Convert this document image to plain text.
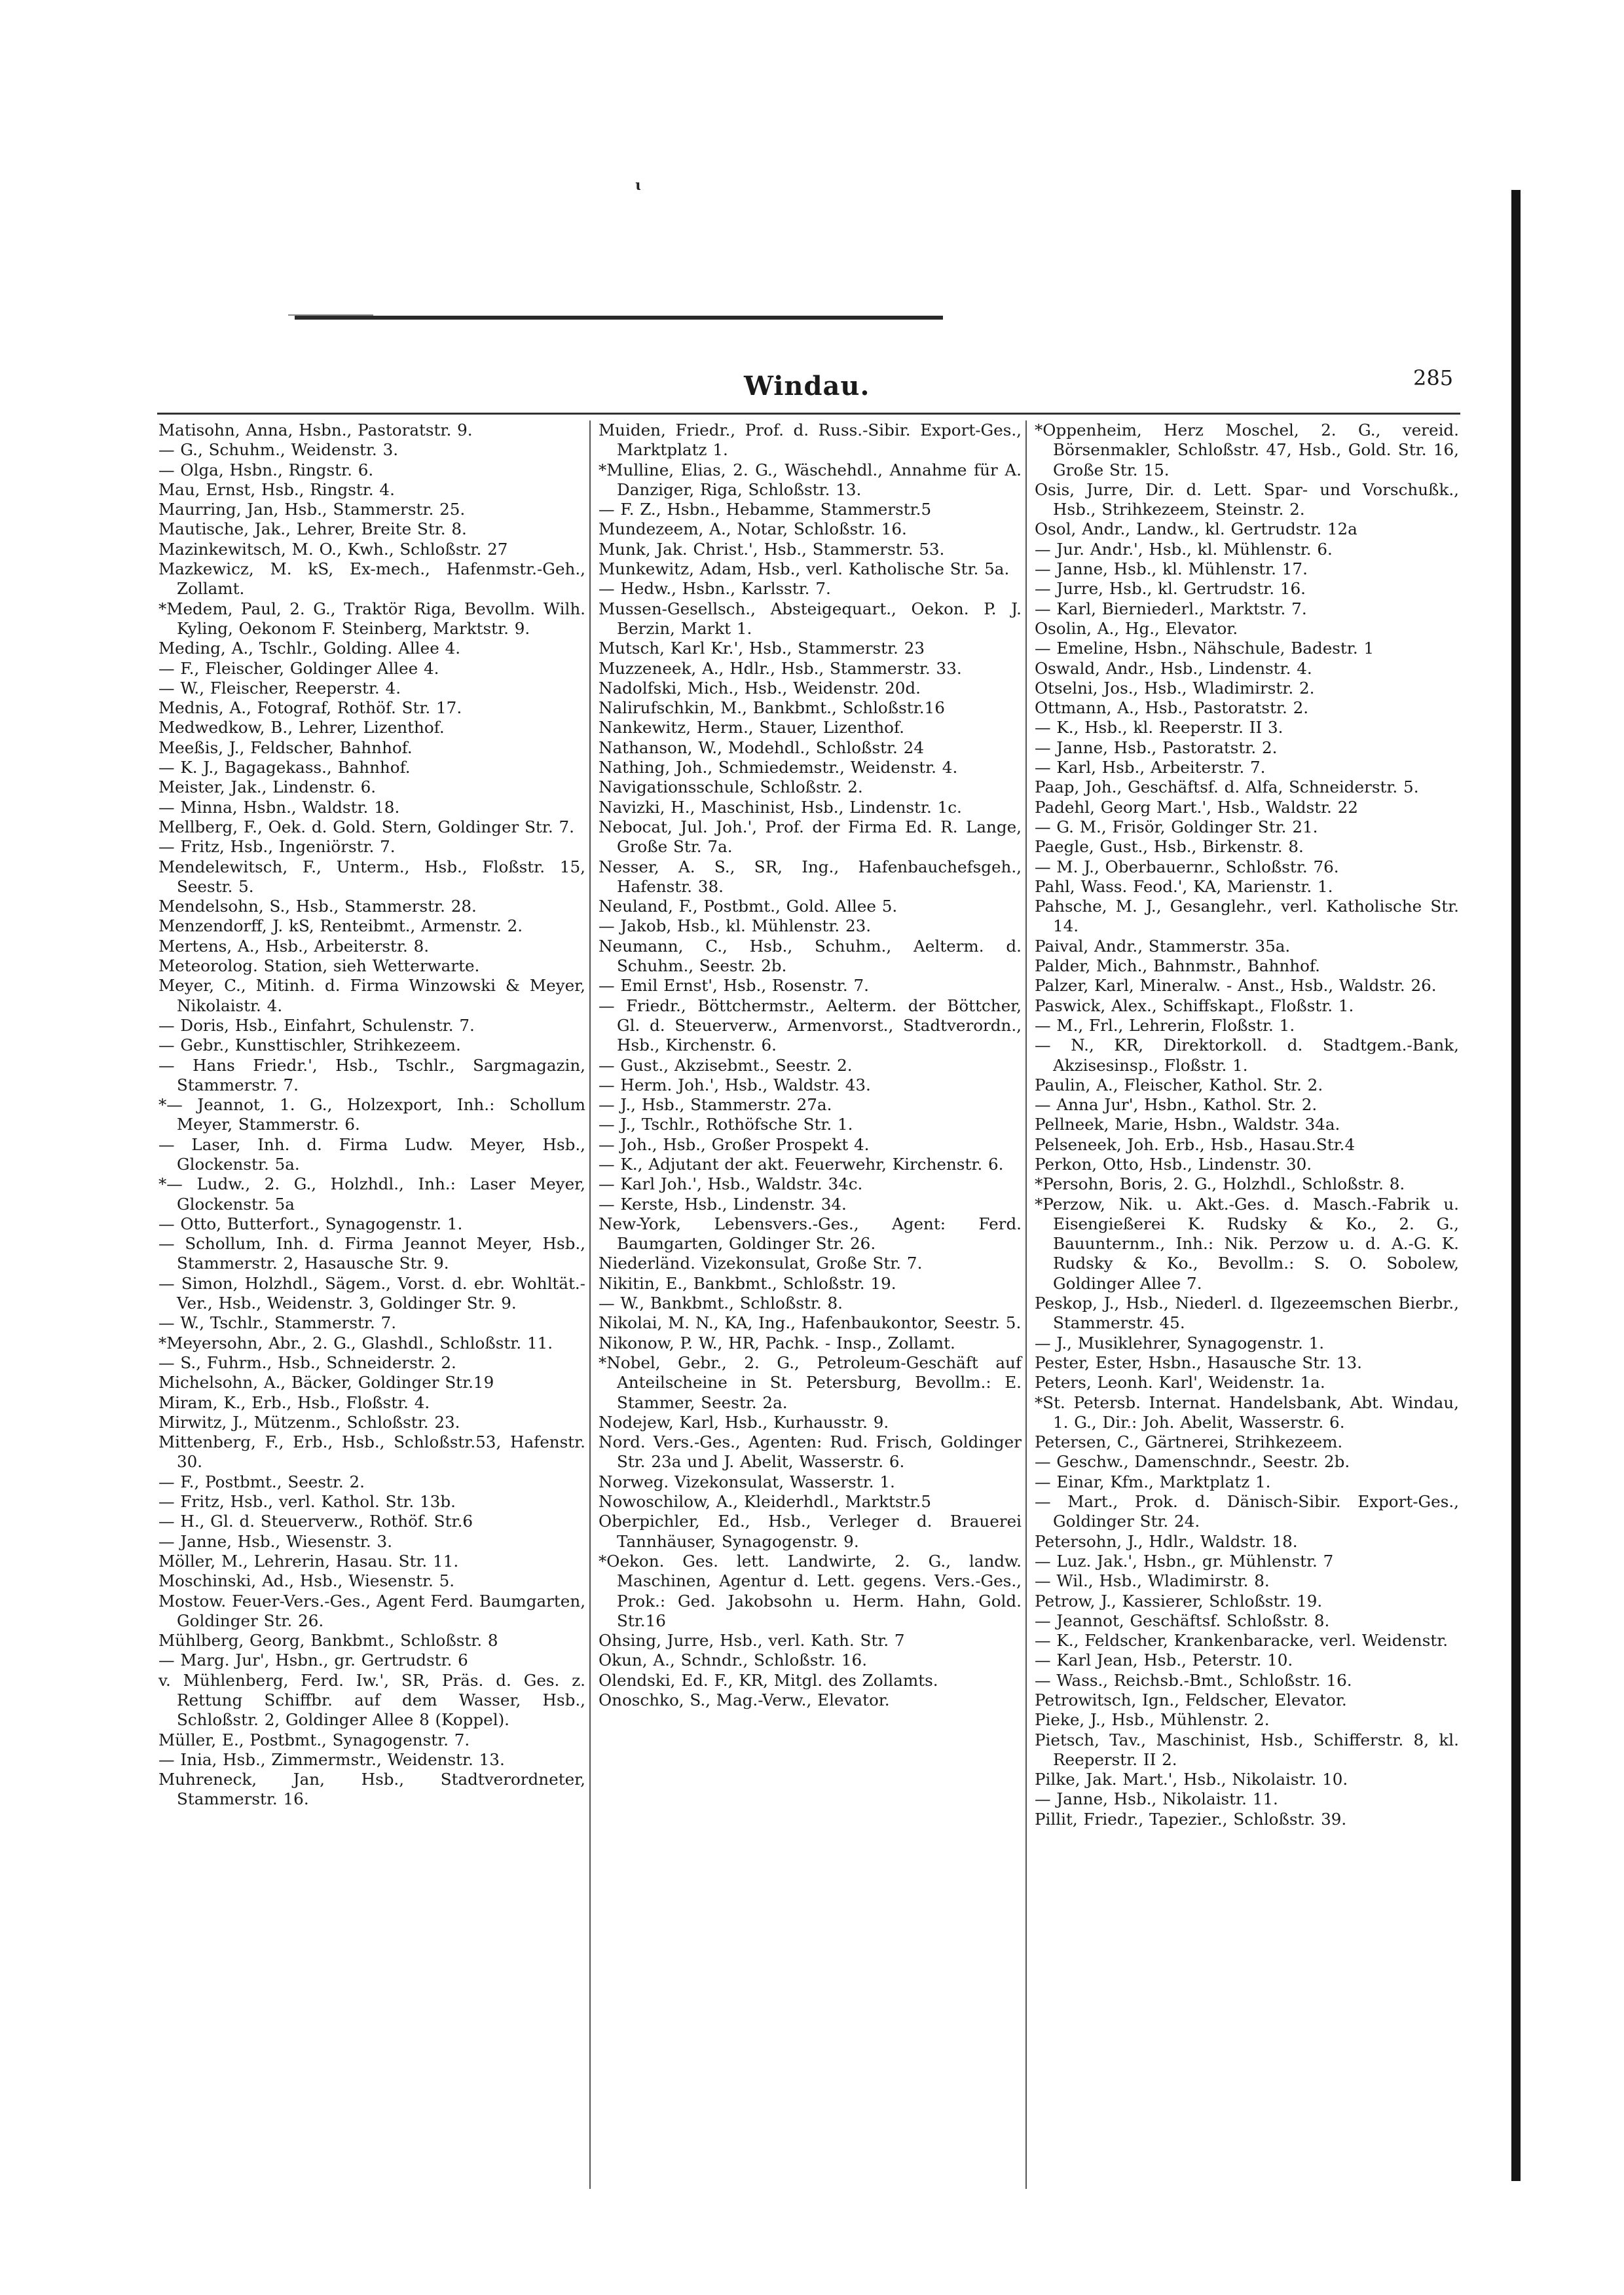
ɩ
Windau.	285
Matisohn, Anna, Hsbn., Pastoratstr. 9.
— G., Schuhm., Weidenstr. 3.
— Olga, Hsbn., Ringstr. 6.
Mau, Ernst, Hsb., Ringstr. 4.
Maurring, Jan, Hsb., Stammerstr. 25.
Mautische, Jak., Lehrer, Breite Str. 8.
Mazinkewitsch, M. O., Kwh., Schloßstr. 27
Mazkewicz, M. kS, Ex-mech., Hafenmstr.-Geh., Zollamt.
*Medem, Paul, 2. G., Traktör Riga, Bevollm. Wilh. Kyling, Oekonom F. Steinberg, Marktstr. 9.
Meding, A., Tschlr., Golding. Allee 4.
— F., Fleischer, Goldinger Allee 4.
— W., Fleischer, Reeperstr. 4.
Mednis, A., Fotograf, Rothöf. Str. 17.
Medwedkow, B., Lehrer, Lizenthof.
Meeßis, J., Feldscher, Bahnhof.
— K. J., Bagagekass., Bahnhof.
Meister, Jak., Lindenstr. 6.
— Minna, Hsbn., Waldstr. 18.
Mellberg, F., Oek. d. Gold. Stern, Goldinger Str. 7.
— Fritz, Hsb., Ingeniörstr. 7.
Mendelewitsch, F., Unterm., Hsb., Floßstr. 15, Seestr. 5.
Mendelsohn, S., Hsb., Stammerstr. 28.
Menzendorff, J. kS, Renteibmt., Armenstr. 2.
Mertens, A., Hsb., Arbeiterstr. 8.
Meteorolog. Station, sieh Wetterwarte.
Meyer, C., Mitinh. d. Firma Winzowski & Meyer, Nikolaistr. 4.
— Doris, Hsb., Einfahrt, Schulenstr. 7.
— Gebr., Kunsttischler, Strihkezeem.
— Hans Friedr.', Hsb., Tschlr., Sargmagazin, Stammerstr. 7.
*— Jeannot, 1. G., Holzexport, Inh.: Schollum Meyer, Stammerstr. 6.
— Laser, Inh. d. Firma Ludw. Meyer, Hsb., Glockenstr. 5a.
*— Ludw., 2. G., Holzhdl., Inh.: Laser Meyer, Glockenstr. 5a
— Otto, Butterfort., Synagogenstr. 1.
— Schollum, Inh. d. Firma Jeannot Meyer, Hsb., Stammerstr. 2, Hasausche Str. 9.
— Simon, Holzhdl., Sägem., Vorst. d. ebr. Wohltät.-Ver., Hsb., Weidenstr. 3, Goldinger Str. 9.
— W., Tschlr., Stammerstr. 7.
*Meyersohn, Abr., 2. G., Glashdl., Schloßstr. 11.
— S., Fuhrm., Hsb., Schneiderstr. 2.
Michelsohn, A., Bäcker, Goldinger Str.19
Miram, K., Erb., Hsb., Floßstr. 4.
Mirwitz, J., Mützenm., Schloßstr. 23.
Mittenberg, F., Erb., Hsb., Schloßstr.53, Hafenstr. 30.
— F., Postbmt., Seestr. 2.
— Fritz, Hsb., verl. Kathol. Str. 13b.
— H., Gl. d. Steuerverw., Rothöf. Str.6
— Janne, Hsb., Wiesenstr. 3.
Möller, M., Lehrerin, Hasau. Str. 11.
Moschinski, Ad., Hsb., Wiesenstr. 5.
Mostow. Feuer-Vers.-Ges., Agent Ferd. Baumgarten, Goldinger Str. 26.
Mühlberg, Georg, Bankbmt., Schloßstr. 8
— Marg. Jur', Hsbn., gr. Gertrudstr. 6
v. Mühlenberg, Ferd. Iw.', SR, Präs. d. Ges. z. Rettung Schiffbr. auf dem Wasser, Hsb., Schloßstr. 2, Goldinger Allee 8 (Koppel).
Müller, E., Postbmt., Synagogenstr. 7.
— Inia, Hsb., Zimmermstr., Weidenstr. 13.
Muhreneck, Jan, Hsb., Stadtverordneter, Stammerstr. 16.
Muiden, Friedr., Prof. d. Russ.-Sibir. Export-Ges., Marktplatz 1.
*Mulline, Elias, 2. G., Wäschehdl., Annahme für A. Danziger, Riga, Schloßstr. 13.
— F. Z., Hsbn., Hebamme, Stammerstr.5
Mundezeem, A., Notar, Schloßstr. 16.
Munk, Jak. Christ.', Hsb., Stammerstr. 53.
Munkewitz, Adam, Hsb., verl. Katholische Str. 5a.
— Hedw., Hsbn., Karlsstr. 7.
Mussen-Gesellsch., Absteigequart., Oekon. P. J. Berzin, Markt 1.
Mutsch, Karl Kr.', Hsb., Stammerstr. 23
Muzzeneek, A., Hdlr., Hsb., Stammerstr. 33.
Nadolfski, Mich., Hsb., Weidenstr. 20d.
Nalirufschkin, M., Bankbmt., Schloßstr.16
Nankewitz, Herm., Stauer, Lizenthof.
Nathanson, W., Modehdl., Schloßstr. 24
Nathing, Joh., Schmiedemstr., Weidenstr. 4.
Navigationsschule, Schloßstr. 2.
Navizki, H., Maschinist, Hsb., Lindenstr. 1c.
Nebocat, Jul. Joh.', Prof. der Firma Ed. R. Lange, Große Str. 7a.
Nesser, A. S., SR, Ing., Hafenbauchefsgeh., Hafenstr. 38.
Neuland, F., Postbmt., Gold. Allee 5.
— Jakob, Hsb., kl. Mühlenstr. 23.
Neumann, C., Hsb., Schuhm., Aelterm. d. Schuhm., Seestr. 2b.
— Emil Ernst', Hsb., Rosenstr. 7.
— Friedr., Böttchermstr., Aelterm. der Böttcher, Gl. d. Steuerverw., Armenvorst., Stadtverordn., Hsb., Kirchenstr. 6.
— Gust., Akzisebmt., Seestr. 2.
— Herm. Joh.', Hsb., Waldstr. 43.
— J., Hsb., Stammerstr. 27a.
— J., Tschlr., Rothöfsche Str. 1.
— Joh., Hsb., Großer Prospekt 4.
— K., Adjutant der akt. Feuerwehr, Kirchenstr. 6.
— Karl Joh.', Hsb., Waldstr. 34c.
— Kerste, Hsb., Lindenstr. 34.
New-York, Lebensvers.-Ges., Agent: Ferd. Baumgarten, Goldinger Str. 26.
Niederländ. Vizekonsulat, Große Str. 7.
Nikitin, E., Bankbmt., Schloßstr. 19.
— W., Bankbmt., Schloßstr. 8.
Nikolai, M. N., KA, Ing., Hafenbaukontor, Seestr. 5.
Nikonow, P. W., HR, Pachk. - Insp., Zollamt.
*Nobel, Gebr., 2. G., Petroleum-Geschäft auf Anteilscheine in St. Petersburg, Bevollm.: E. Stammer, Seestr. 2a.
Nodejew, Karl, Hsb., Kurhausstr. 9.
Nord. Vers.-Ges., Agenten: Rud. Frisch, Goldinger Str. 23a und J. Abelit, Wasserstr. 6.
Norweg. Vizekonsulat, Wasserstr. 1.
Nowoschilow, A., Kleiderhdl., Marktstr.5
Oberpichler, Ed., Hsb., Verleger d. Brauerei Tannhäuser, Synagogenstr. 9.
*Oekon. Ges. lett. Landwirte, 2. G., landw. Maschinen, Agentur d. Lett. gegens. Vers.-Ges., Prok.: Ged. Jakobsohn u. Herm. Hahn, Gold. Str.16
Ohsing, Jurre, Hsb., verl. Kath. Str. 7
Okun, A., Schndr., Schloßstr. 16.
Olendski, Ed. F., KR, Mitgl. des Zollamts.
Onoschko, S., Mag.-Verw., Elevator.
*Oppenheim, Herz Moschel, 2. G., vereid. Börsenmakler, Schloßstr. 47, Hsb., Gold. Str. 16, Große Str. 15.
Osis, Jurre, Dir. d. Lett. Spar- und Vorschußk., Hsb., Strihkezeem, Steinstr. 2.
Osol, Andr., Landw., kl. Gertrudstr. 12a
— Jur. Andr.', Hsb., kl. Mühlenstr. 6.
— Janne, Hsb., kl. Mühlenstr. 17.
— Jurre, Hsb., kl. Gertrudstr. 16.
— Karl, Bierniederl., Marktstr. 7.
Osolin, A., Hg., Elevator.
— Emeline, Hsbn., Nähschule, Badestr. 1
Oswald, Andr., Hsb., Lindenstr. 4.
Otselni, Jos., Hsb., Wladimirstr. 2.
Ottmann, A., Hsb., Pastoratstr. 2.
— K., Hsb., kl. Reeperstr. II 3.
— Janne, Hsb., Pastoratstr. 2.
— Karl, Hsb., Arbeiterstr. 7.
Paap, Joh., Geschäftsf. d. Alfa, Schneiderstr. 5.
Padehl, Georg Mart.', Hsb., Waldstr. 22
— G. M., Frisör, Goldinger Str. 21.
Paegle, Gust., Hsb., Birkenstr. 8.
— M. J., Oberbauernr., Schloßstr. 76.
Pahl, Wass. Feod.', KA, Marienstr. 1.
Pahsche, M. J., Gesanglehr., verl. Katholische Str. 14.
Paival, Andr., Stammerstr. 35a.
Palder, Mich., Bahnmstr., Bahnhof.
Palzer, Karl, Mineralw. - Anst., Hsb., Waldstr. 26.
Paswick, Alex., Schiffskapt., Floßstr. 1.
— M., Frl., Lehrerin, Floßstr. 1.
— N., KR, Direktorkoll. d. Stadtgem.-Bank, Akzisesinsp., Floßstr. 1.
Paulin, A., Fleischer, Kathol. Str. 2.
— Anna Jur', Hsbn., Kathol. Str. 2.
Pellneek, Marie, Hsbn., Waldstr. 34a.
Pelseneek, Joh. Erb., Hsb., Hasau.Str.4
Perkon, Otto, Hsb., Lindenstr. 30.
*Persohn, Boris, 2. G., Holzhdl., Schloßstr. 8.
*Perzow, Nik. u. Akt.-Ges. d. Masch.-Fabrik u. Eisengießerei K. Rudsky & Ko., 2. G., Bauunternm., Inh.: Nik. Perzow u. d. A.-G. K. Rudsky & Ko., Bevollm.: S. O. Sobolew, Goldinger Allee 7.
Peskop, J., Hsb., Niederl. d. Ilgezeemschen Bierbr., Stammerstr. 45.
— J., Musiklehrer, Synagogenstr. 1.
Pester, Ester, Hsbn., Hasausche Str. 13.
Peters, Leonh. Karl', Weidenstr. 1a.
*St. Petersb. Internat. Handelsbank, Abt. Windau, 1. G., Dir.: Joh. Abelit, Wasserstr. 6.
Petersen, C., Gärtnerei, Strihkezeem.
— Geschw., Damenschndr., Seestr. 2b.
— Einar, Kfm., Marktplatz 1.
— Mart., Prok. d. Dänisch-Sibir. Export-Ges., Goldinger Str. 24.
Petersohn, J., Hdlr., Waldstr. 18.
— Luz. Jak.', Hsbn., gr. Mühlenstr. 7
— Wil., Hsb., Wladimirstr. 8.
Petrow, J., Kassierer, Schloßstr. 19.
— Jeannot, Geschäftsf. Schloßstr. 8.
— K., Feldscher, Krankenbaracke, verl. Weidenstr.
— Karl Jean, Hsb., Peterstr. 10.
— Wass., Reichsb.-Bmt., Schloßstr. 16.
Petrowitsch, Ign., Feldscher, Elevator.
Pieke, J., Hsb., Mühlenstr. 2.
Pietsch, Tav., Maschinist, Hsb., Schifferstr. 8, kl. Reeperstr. II 2.
Pilke, Jak. Mart.', Hsb., Nikolaistr. 10.
— Janne, Hsb., Nikolaistr. 11.
Pillit, Friedr., Tapezier., Schloßstr. 39.
